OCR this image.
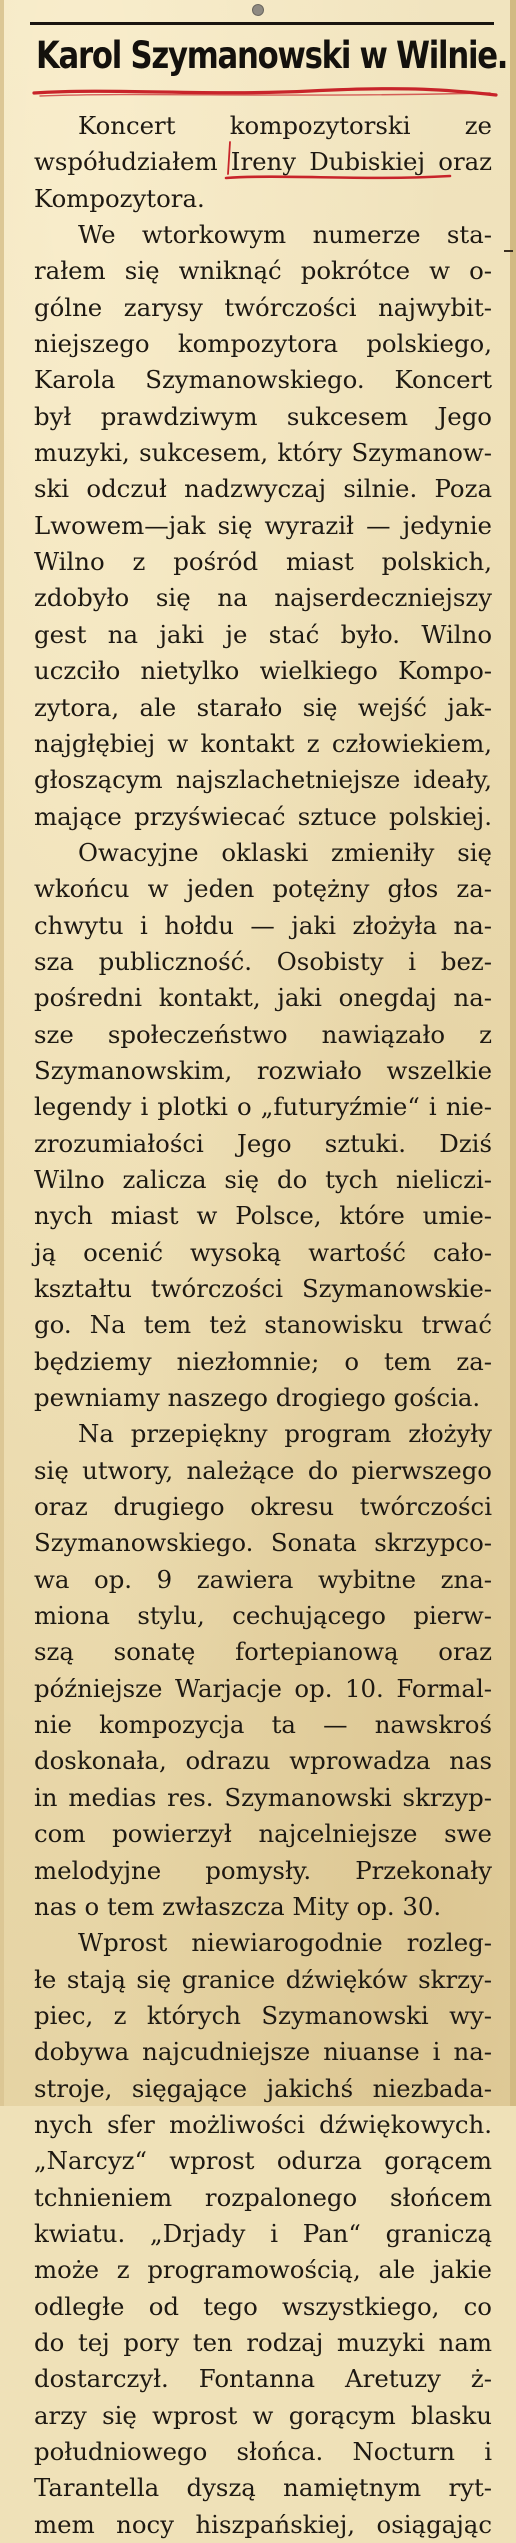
Karol Szymanowski w Wilnie.
Koncert kompozytorski ze
współudziałem Ireny Dubiskiej oraz
Kompozytora.
We wtorkowym numerze sta-
rałem się wniknąć pokrótce w o-
gólne zarysy twórczości najwybit-
niejszego kompozytora polskiego,
Karola Szymanowskiego. Koncert
był prawdziwym sukcesem Jego
muzyki, sukcesem, który Szymanow-
ski odczuł nadzwyczaj silnie. Poza
Lwowem—jak się wyraził — jedynie
Wilno z pośród miast polskich,
zdobyło się na najserdeczniejszy
gest na jaki je stać było. Wilno
uczciło nietylko wielkiego Kompo-
zytora, ale starało się wejść jak-
najgłębiej w kontakt z człowiekiem,
głoszącym najszlachetniejsze ideały,
mające przyświecać sztuce polskiej.
Owacyjne oklaski zmieniły się
wkońcu w jeden potężny głos za-
chwytu i hołdu — jaki złożyła na-
sza publiczność. Osobisty i bez-
pośredni kontakt, jaki onegdaj na-
sze społeczeństwo nawiązało z
Szymanowskim, rozwiało wszelkie
legendy i plotki o „futuryźmie“ i nie-
zrozumiałości Jego sztuki. Dziś
Wilno zalicza się do tych nieliczi-
nych miast w Polsce, które umie-
ją ocenić wysoką wartość cało-
kształtu twórczości Szymanowskie-
go. Na tem też stanowisku trwać
będziemy niezłomnie; o tem za-
pewniamy naszego drogiego gościa.
Na przepiękny program złożyły
się utwory, należące do pierwszego
oraz drugiego okresu twórczości
Szymanowskiego. Sonata skrzypco-
wa op. 9 zawiera wybitne zna-
miona stylu, cechującego pierw-
szą sonatę fortepianową oraz
późniejsze Warjacje op. 10. Formal-
nie kompozycja ta — nawskroś
doskonała, odrazu wprowadza nas
in medias res. Szymanowski skrzyp-
com powierzył najcelniejsze swe
melodyjne pomysły. Przekonały
nas o tem zwłaszcza Mity op. 30.
Wprost niewiarogodnie rozleg-
łe stają się granice dźwięków skrzy-
piec, z których Szymanowski wy-
dobywa najcudniejsze niuanse i na-
stroje, sięgające jakichś niezbada-
nych sfer możliwości dźwiękowych.
„Narcyz“ wprost odurza gorącem
tchnieniem rozpalonego słońcem
kwiatu. „Drjady i Pan“ graniczą
może z programowością, ale jakie
odległe od tego wszystkiego, co
do tej pory ten rodzaj muzyki nam
dostarczył. Fontanna Aretuzy ż-
arzy się wprost w gorącym blasku
południowego słońca. Nocturn i
Tarantella dyszą namiętnym ryt-
mem nocy hiszpańskiej, osiągając
